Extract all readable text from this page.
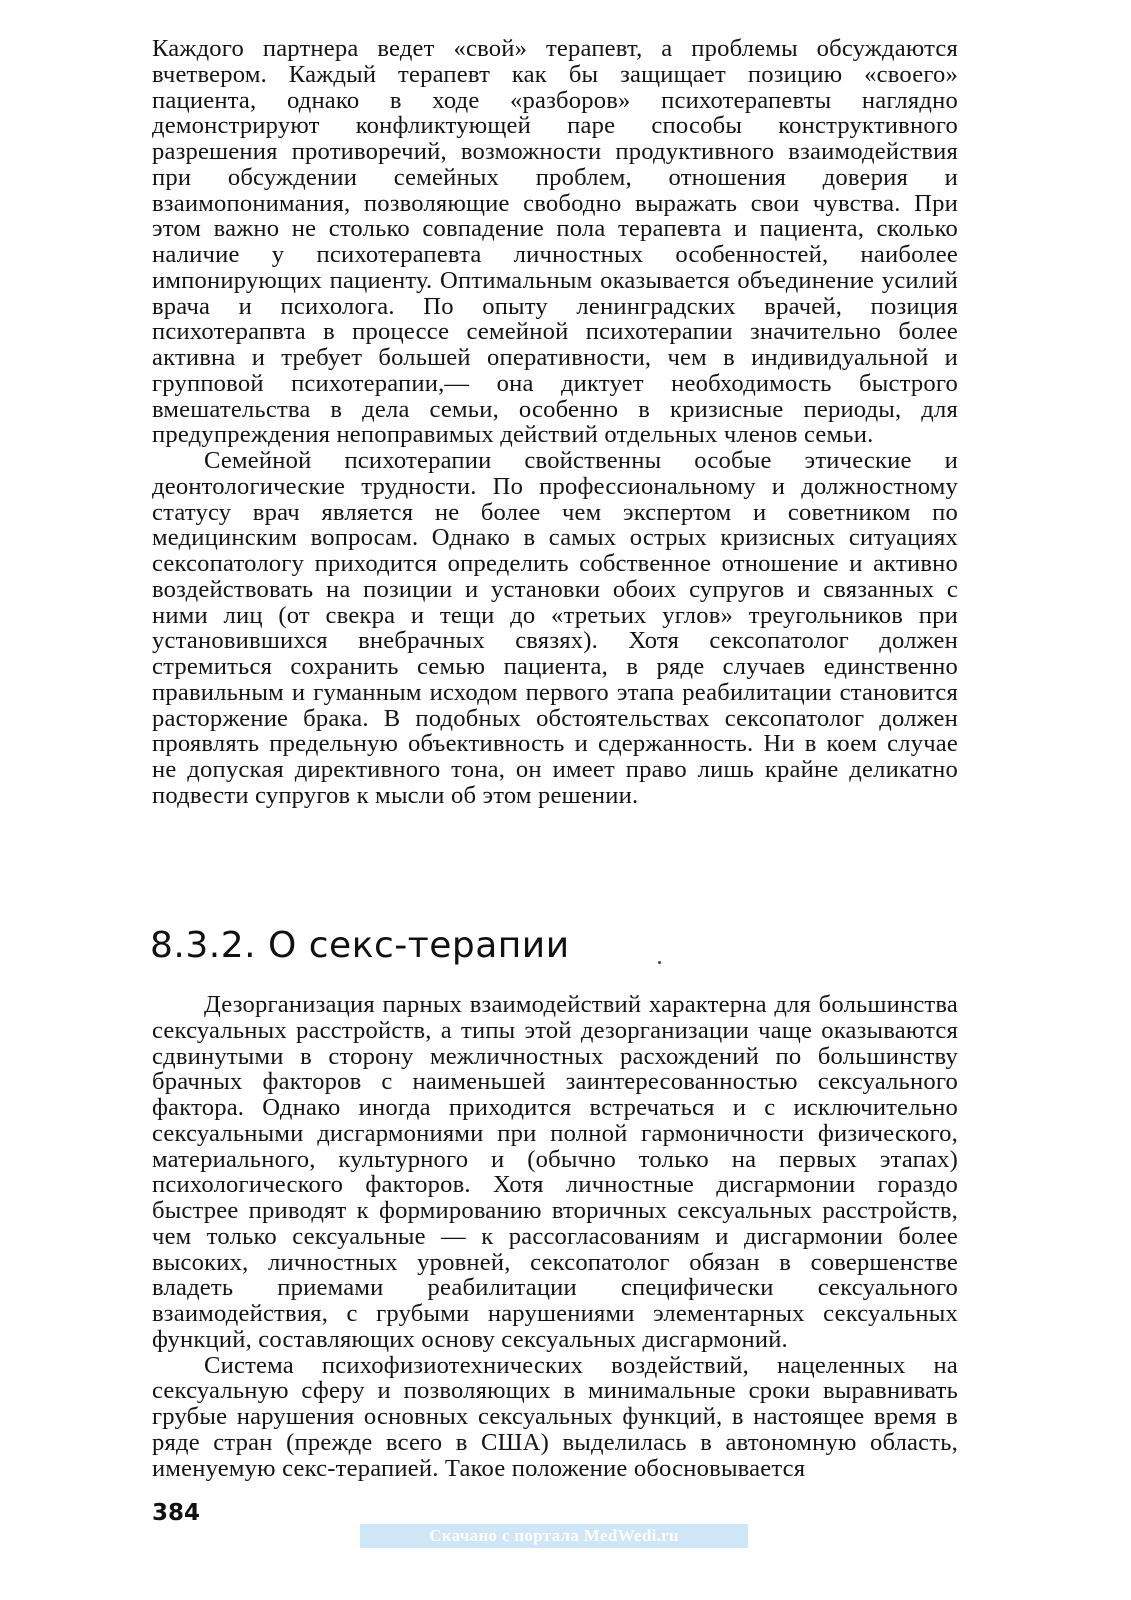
Каждого партнера ведет «свой» терапевт, а проблемы обсуждаются вчетвером. Каждый терапевт как бы защищает позицию «своего» пациента, однако в ходе «разборов» психотерапевты наглядно демонстрируют конфликтующей паре способы конструктивного разрешения противоречий, возможности продуктивного взаимодействия при обсуждении семейных проблем, отношения доверия и взаимопонимания, позволяющие свободно выражать свои чувства. При этом важно не столько совпадение пола терапевта и пациента, сколько наличие у психотерапевта личностных особенностей, наиболее импонирующих пациенту. Оптимальным оказывается объединение усилий врача и психолога. По опыту ленинградских врачей, позиция психотерапвта в процессе семейной психотерапии значительно более активна и требует большей оперативности, чем в индивидуальной и групповой психотерапии,— она диктует необходимость быстрого вмешательства в дела семьи, особенно в кризисные периоды, для предупреждения непоправимых действий отдельных членов семьи.

Семейной психотерапии свойственны особые этические и деонтологические трудности. По профессиональному и должностному статусу врач является не более чем экспертом и советником по медицинским вопросам. Однако в самых острых кризисных ситуациях сексопатологу приходится определить собственное отношение и активно воздействовать на позиции и установки обоих супругов и связанных с ними лиц (от свекра и тещи до «третьих углов» треугольников при установившихся внебрачных связях). Хотя сексопатолог должен стремиться сохранить семью пациента, в ряде случаев единственно правильным и гуманным исходом первого этапа реабилитации становится расторжение брака. В подобных обстоятельствах сексопатолог должен проявлять предельную объективность и сдержанность. Ни в коем случае не допуская директивного тона, он имеет право лишь крайне деликатно подвести супругов к мысли об этом решении.

8.3.2. О секс-терапии

Дезорганизация парных взаимодействий характерна для большинства сексуальных расстройств, а типы этой дезорганизации чаще оказываются сдвинутыми в сторону межличностных расхождений по большинству брачных факторов с наименьшей заинтересованностью сексуального фактора. Однако иногда приходится встречаться и с исключительно сексуальными дисгармониями при полной гармоничности физического, материального, культурного и (обычно только на первых этапах) психологического факторов. Хотя личностные дисгармонии гораздо быстрее приводят к формированию вторичных сексуальных расстройств, чем только сексуальные — к рассогласованиям и дисгармонии более высоких, личностных уровней, сексопатолог обязан в совершенстве владеть приемами реабилитации специфически сексуального взаимодействия, с грубыми нарушениями элементарных сексуальных функций, составляющих основу сексуальных дисгармоний.

Система психофизиотехнических воздействий, нацеленных на сексуальную сферу и позволяющих в минимальные сроки выравнивать грубые нарушения основных сексуальных функций, в настоящее время в ряде стран (прежде всего в США) выделилась в автономную область, именуемую секс-терапией. Такое положение обосновывается

384
Скачано с портала MedWedi.ru
